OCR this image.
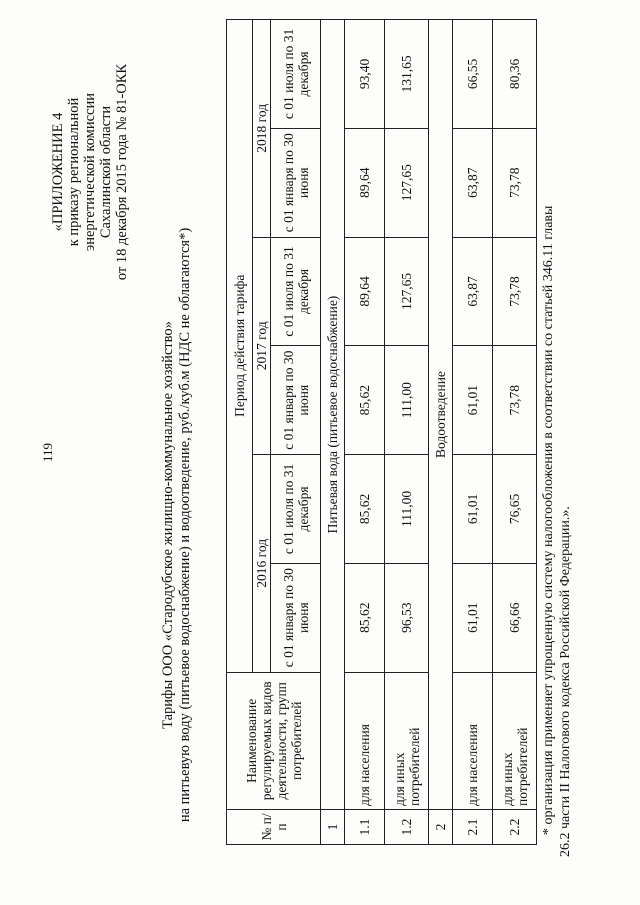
119
«ПРИЛОЖЕНИЕ 4 к приказу региональной энергетической комиссии Сахалинской области от 18 декабря 2015 года № 81-ОКК
Тарифы ООО «Стародубское жилищно-коммунальное хозяйство» на питьевую воду (питьевое водоснабжение) и водоотведение, руб./куб.м (НДС не облагаются*)
№ п/п	Наименование регулируемых видов деятельности, групп потребителей	Период действия тарифа					
		2016 год		2017 год		2018 год	
		с 01 января по 30 июня	с 01 июля по 31 декабря	с 01 января по 30 июня	с 01 июля по 31 декабря	с 01 января по 30 июня	с 01 июля по 31 декабря
1	Питьевая вода (питьевое водоснабжение)						
1.1	для населения	85,62	85,62	85,62	89,64	89,64	93,40
1.2	для иных потребителей	96,53	111,00	111,00	127,65	127,65	131,65
2	Водоотведение						
2.1	для населения	61,01	61,01	61,01	63,87	63,87	66,55
2.2	для иных потребителей	66,66	76,65	73,78	73,78	73,78	80,36
* организация применяет упрощенную систему налогообложения в соответствии со статьей 346.11 главы 26.2 части II Налогового кодекса Российской Федерации.».
